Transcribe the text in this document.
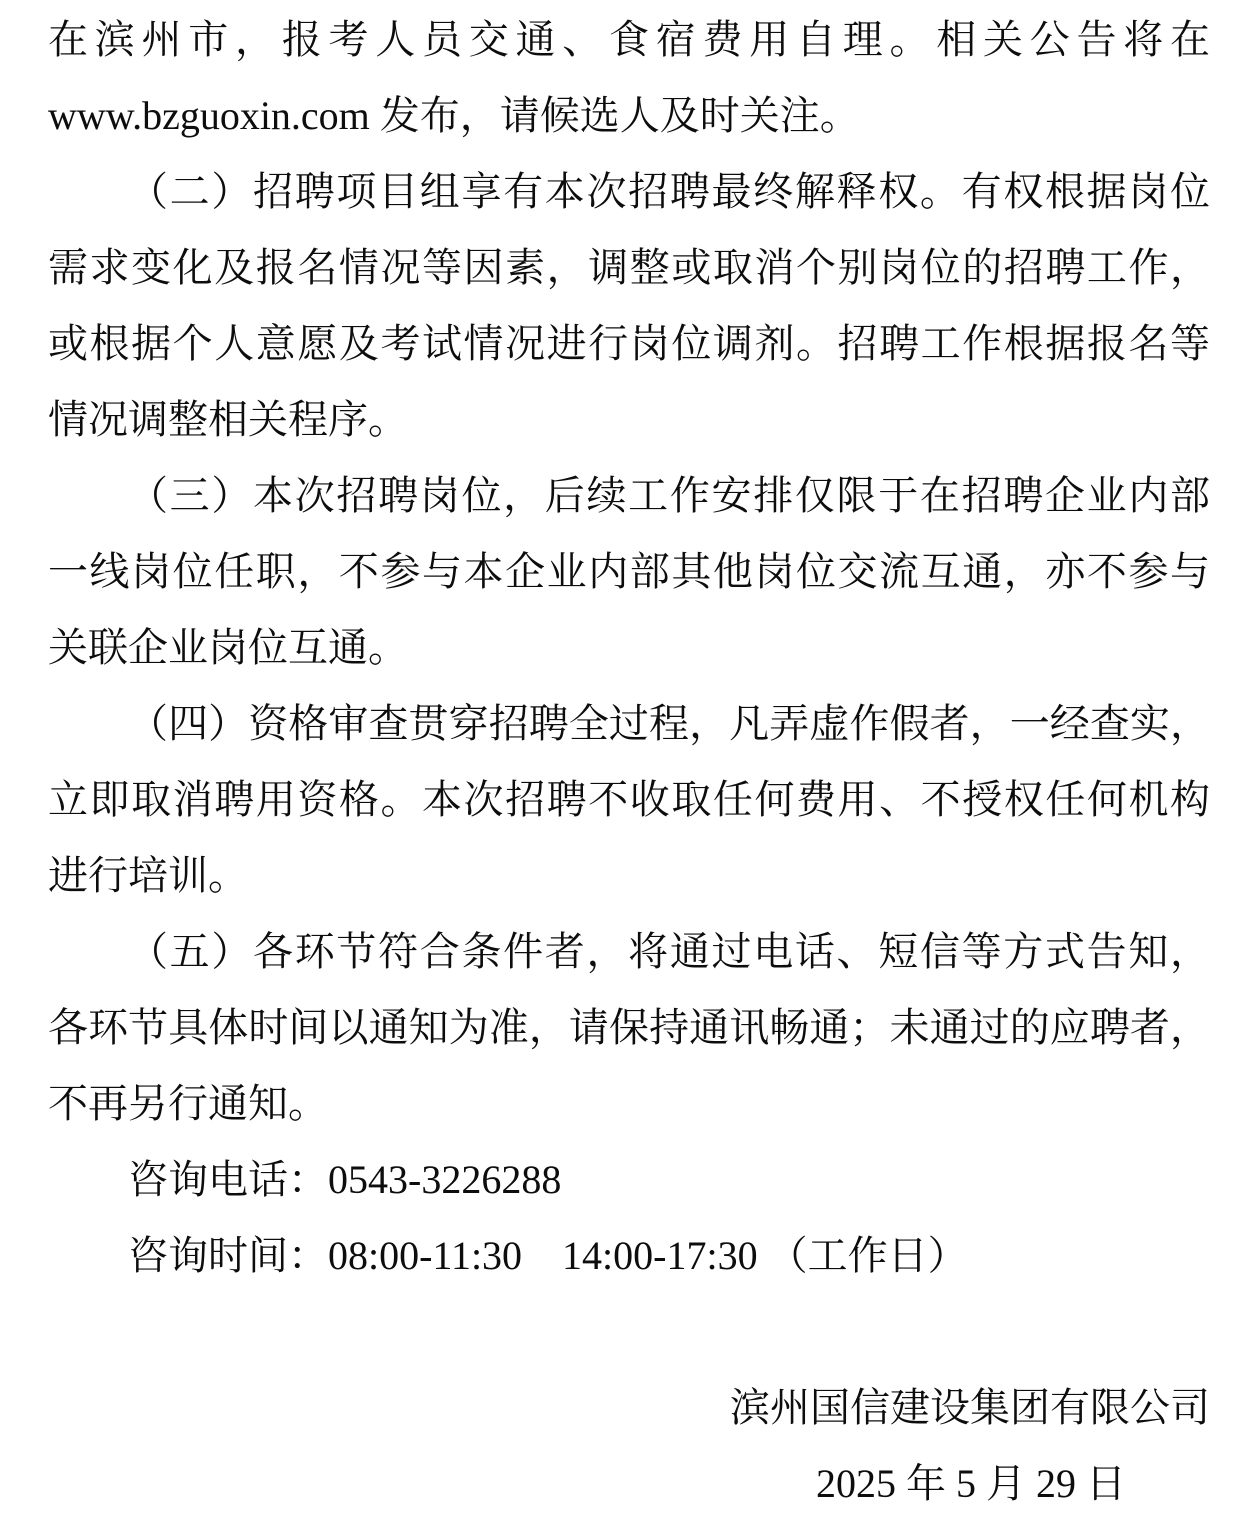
在滨州市，报考人员交通、食宿费用自理。相关公告将在

www.bzguoxin.com 发布，请候选人及时关注。

（二）招聘项目组享有本次招聘最终解释权。有权根据岗位

需求变化及报名情况等因素，调整或取消个别岗位的招聘工作，

或根据个人意愿及考试情况进行岗位调剂。招聘工作根据报名等

情况调整相关程序。

（三）本次招聘岗位，后续工作安排仅限于在招聘企业内部

一线岗位任职，不参与本企业内部其他岗位交流互通，亦不参与

关联企业岗位互通。

（四）资格审查贯穿招聘全过程，凡弄虚作假者，一经查实，

立即取消聘用资格。本次招聘不收取任何费用、不授权任何机构

进行培训。

（五）各环节符合条件者，将通过电话、短信等方式告知，

各环节具体时间以通知为准，请保持通讯畅通；未通过的应聘者，

不再另行通知。

咨询电话：0543-3226288

咨询时间：08:00-11:30　14:00-17:30 （工作日）

滨州国信建设集团有限公司

2025 年 5 月 29 日
